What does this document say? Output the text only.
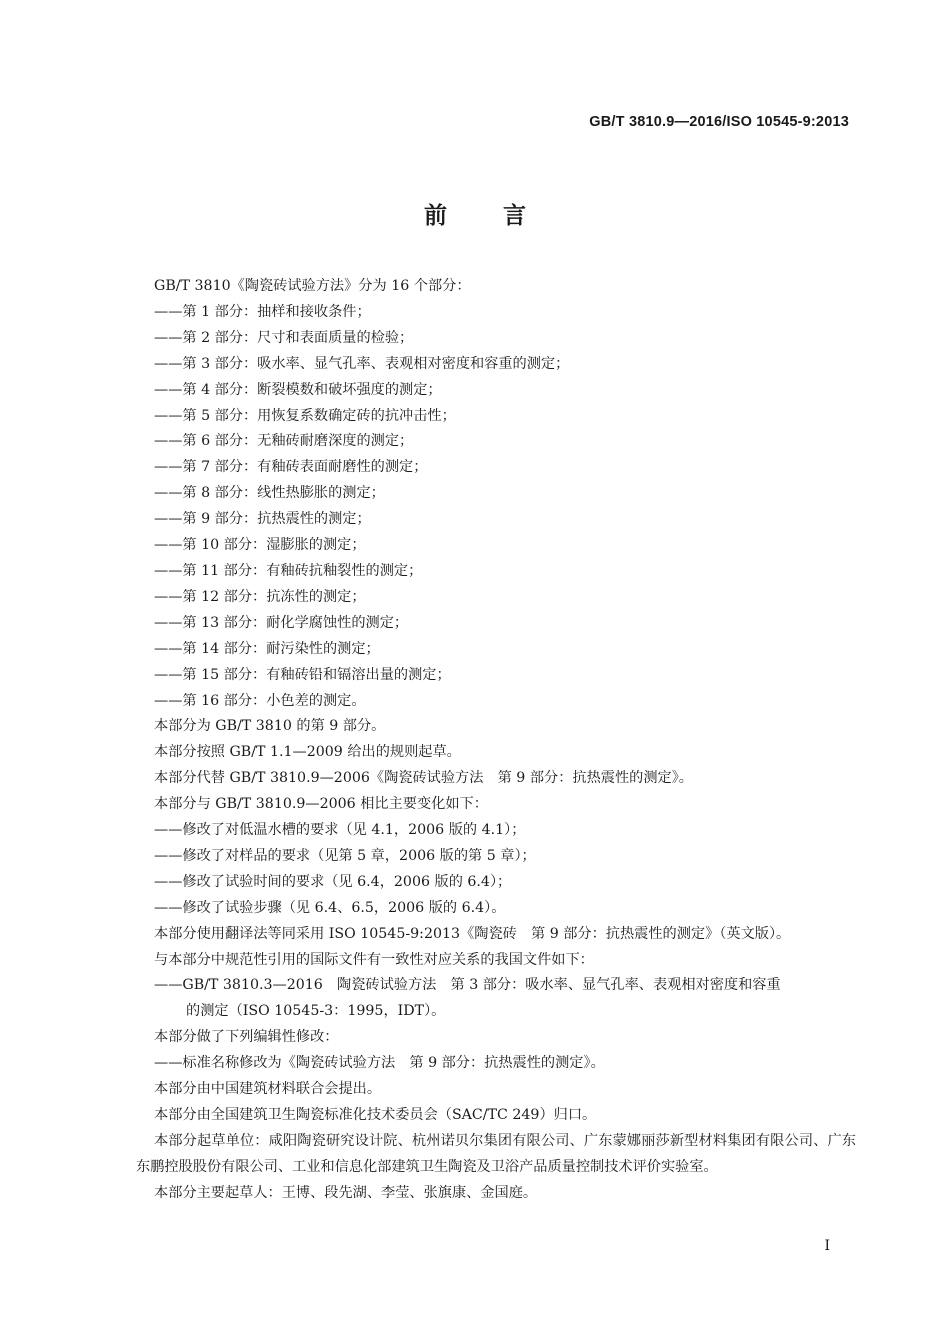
GB/T 3810.9—2016/ISO 10545-9:2013
前言

GB/T 3810《陶瓷砖试验方法》分为 16 个部分：

——第 1 部分：抽样和接收条件；

——第 2 部分：尺寸和表面质量的检验；

——第 3 部分：吸水率、显气孔率、表观相对密度和容重的测定；

——第 4 部分：断裂模数和破坏强度的测定；

——第 5 部分：用恢复系数确定砖的抗冲击性；

——第 6 部分：无釉砖耐磨深度的测定；

——第 7 部分：有釉砖表面耐磨性的测定；

——第 8 部分：线性热膨胀的测定；

——第 9 部分：抗热震性的测定；

——第 10 部分：湿膨胀的测定；

——第 11 部分：有釉砖抗釉裂性的测定；

——第 12 部分：抗冻性的测定；

——第 13 部分：耐化学腐蚀性的测定；

——第 14 部分：耐污染性的测定；

——第 15 部分：有釉砖铅和镉溶出量的测定；

——第 16 部分：小色差的测定。

本部分为 GB/T 3810 的第 9 部分。

本部分按照 GB/T 1.1—2009 给出的规则起草。

本部分代替 GB/T 3810.9—2006《陶瓷砖试验方法　第 9 部分：抗热震性的测定》。

本部分与 GB/T 3810.9—2006 相比主要变化如下：

——修改了对低温水槽的要求（见 4.1，2006 版的 4.1）；

——修改了对样品的要求（见第 5 章，2006 版的第 5 章）；

——修改了试验时间的要求（见 6.4，2006 版的 6.4）；

——修改了试验步骤（见 6.4、6.5，2006 版的 6.4）。

本部分使用翻译法等同采用 ISO 10545-9:2013《陶瓷砖　第 9 部分：抗热震性的测定》（英文版）。

与本部分中规范性引用的国际文件有一致性对应关系的我国文件如下：

——GB/T 3810.3—2016　陶瓷砖试验方法　第 3 部分：吸水率、显气孔率、表观相对密度和容重

的测定（ISO 10545-3：1995，IDT）。

本部分做了下列编辑性修改：

——标准名称修改为《陶瓷砖试验方法　第 9 部分：抗热震性的测定》。

本部分由中国建筑材料联合会提出。

本部分由全国建筑卫生陶瓷标准化技术委员会（SAC/TC 249）归口。

本部分起草单位：咸阳陶瓷研究设计院、杭州诺贝尔集团有限公司、广东蒙娜丽莎新型材料集团有限公司、广东东鹏控股股份有限公司、工业和信息化部建筑卫生陶瓷及卫浴产品质量控制技术评价实验室。

本部分主要起草人：王博、段先湖、李莹、张旗康、金国庭。

I
